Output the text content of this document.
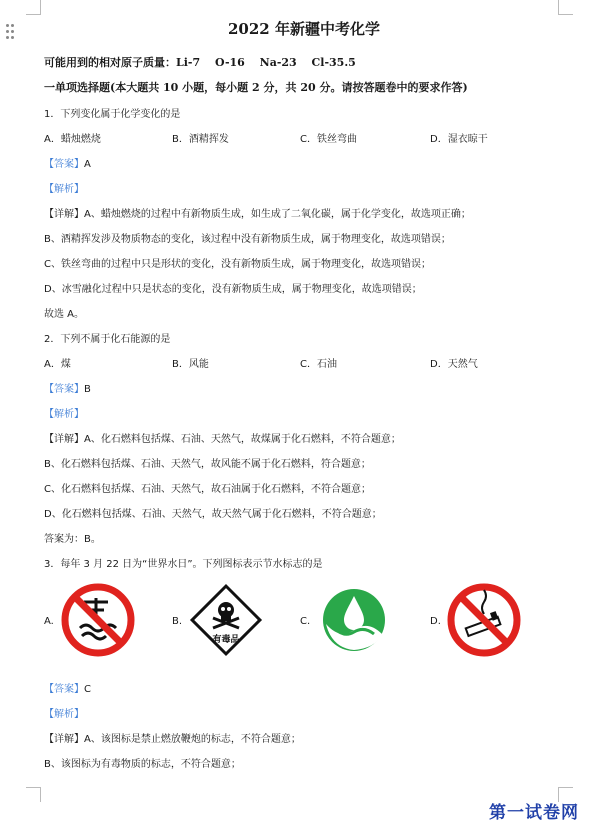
2022 年新疆中考化学
可能用到的相对原子质量：Li-7　 O-16　 Na-23　 Cl-35.5
一单项选择题(本大题共 10 小题，每小题 2 分，共 20 分。请按答题卷中的要求作答)
1．下列变化属于化学变化的是
A．蜡烛燃烧	B．酒精挥发	C．铁丝弯曲	D．湿衣晾干
【答案】A
【解析】
【详解】A、蜡烛燃烧的过程中有新物质生成，如生成了二氧化碳，属于化学变化，故选项正确；
B、酒精挥发涉及物质物态的变化，该过程中没有新物质生成，属于物理变化，故选项错误；
C、铁丝弯曲的过程中只是形状的变化，没有新物质生成，属于物理变化，故选项错误；
D、冰雪融化过程中只是状态的变化，没有新物质生成，属于物理变化，故选项错误；
故选 A。
2．下列不属于化石能源的是
A．煤	B．风能	C．石油	D．天然气
【答案】B
【解析】
【详解】A、化石燃料包括煤、石油、天然气，故煤属于化石燃料，不符合题意；
B、化石燃料包括煤、石油、天然气，故风能不属于化石燃料，符合题意；
C、化石燃料包括煤、石油、天然气，故石油属于化石燃料，不符合题意；
D、化石燃料包括煤、石油、天然气，故天然气属于化石燃料，不符合题意；
答案为：B。
3．每年 3 月 22 日为“世界水日”。下列图标表示节水标志的是
A.	B.
有毒品
C.	D.
【答案】C
【解析】
【详解】A、该图标是禁止燃放鞭炮的标志，不符合题意；
B、该图标为有毒物质的标志，不符合题意；
第一试卷网
